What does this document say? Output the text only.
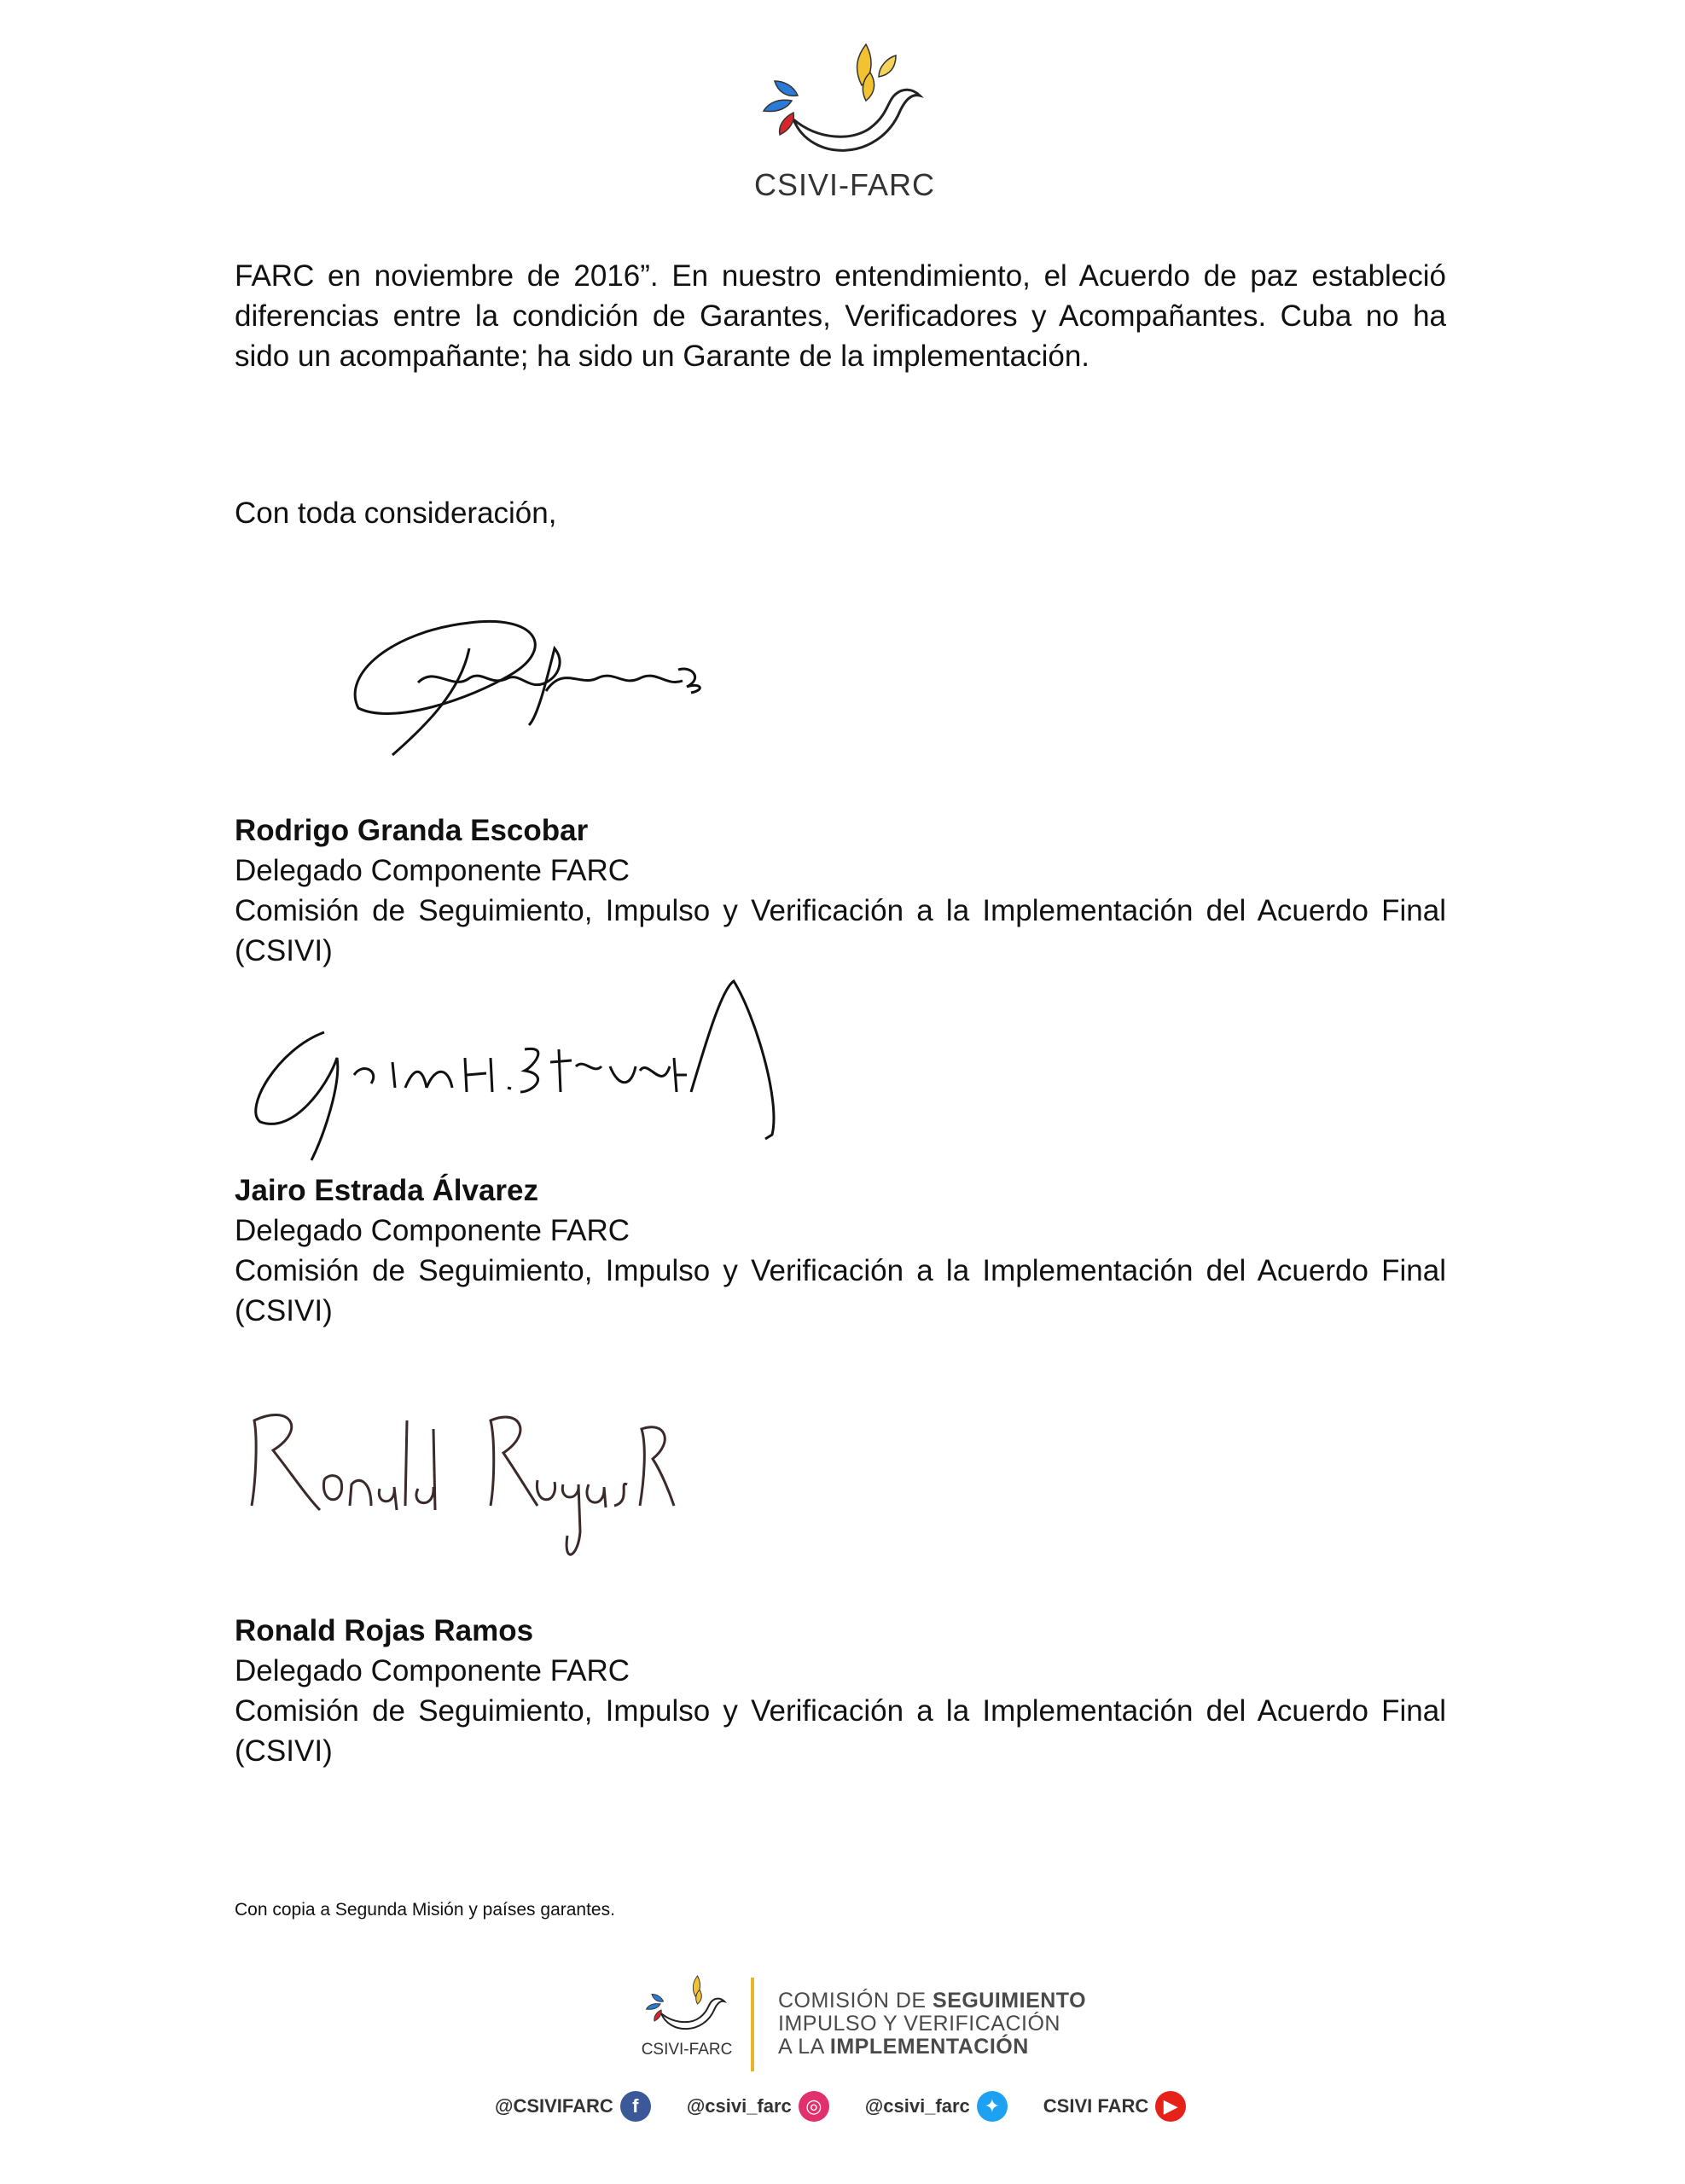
CSIVI-FARC
FARC en noviembre de 2016”. En nuestro entendimiento, el Acuerdo de paz estableció diferencias entre la condición de Garantes, Verificadores y Acompañantes. Cuba no ha sido un acompañante; ha sido un Garante de la implementación.
Con toda consideración,
Rodrigo Granda Escobar
Delegado Componente FARC
Comisión de Seguimiento, Impulso y Verificación a la Implementación del Acuerdo Final
(CSIVI)
Jairo Estrada Álvarez
Delegado Componente FARC
Comisión de Seguimiento, Impulso y Verificación a la Implementación del Acuerdo Final
(CSIVI)
Ronald Rojas Ramos
Delegado Componente FARC
Comisión de Seguimiento, Impulso y Verificación a la Implementación del Acuerdo Final
(CSIVI)
Con copia a Segunda Misión y países garantes.
CSIVI-FARC
COMISIÓN DE SEGUIMIENTO
IMPULSO Y VERIFICACIÓN
A LA IMPLEMENTACIÓN
@CSIVIFARC	f	@csivi_farc ◎	@csivi_farc ✦	CSIVI FARC ▶
